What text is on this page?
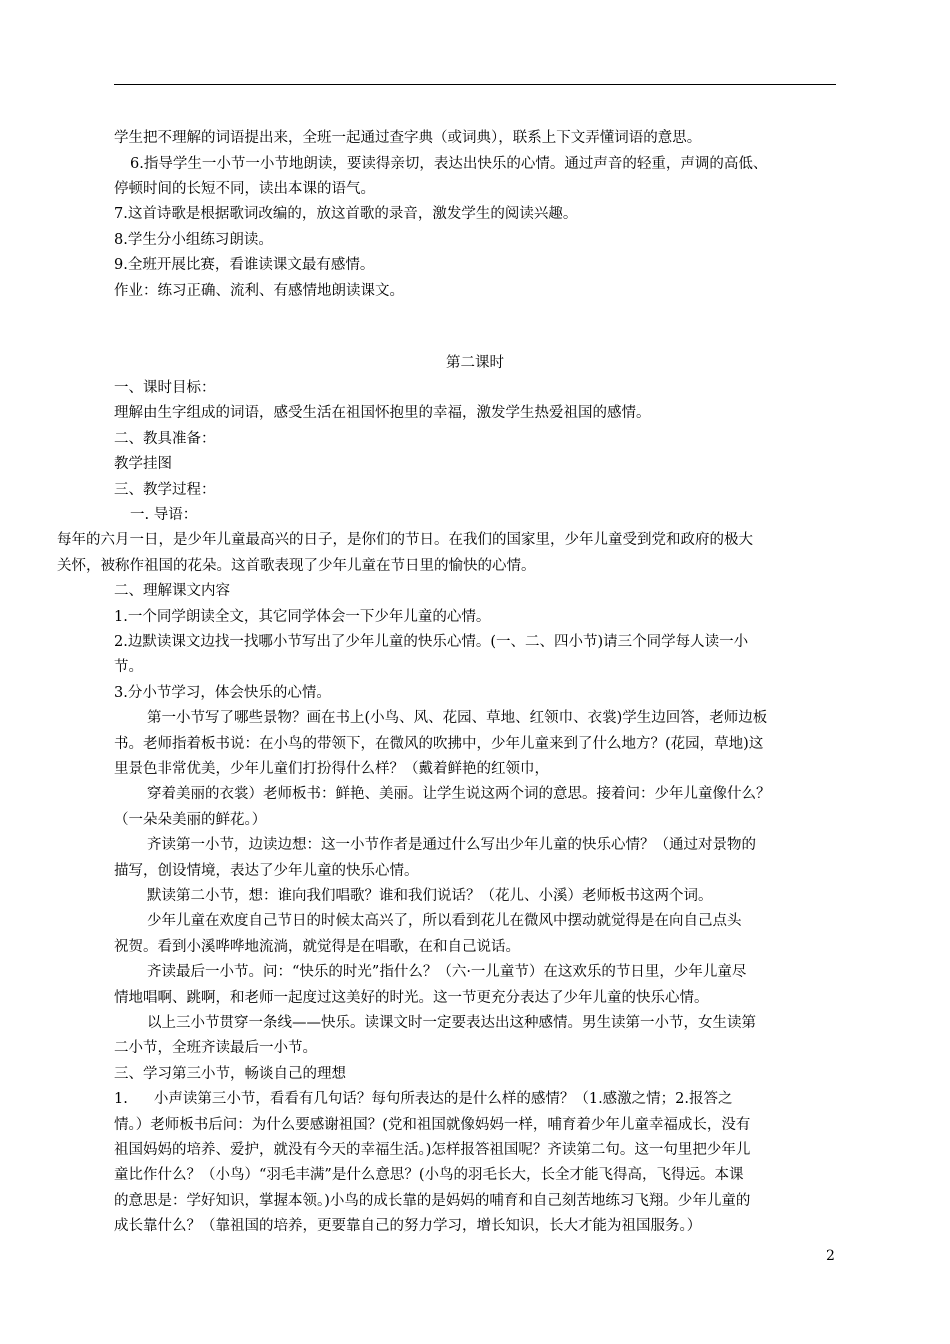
学生把不理解的词语提出来，全班一起通过查字典（或词典），联系上下文弄懂词语的意思。
6.指导学生一小节一小节地朗读，要读得亲切，表达出快乐的心情。通过声音的轻重，声调的高低、
停顿时间的长短不同，读出本课的语气。
7.这首诗歌是根据歌词改编的，放这首歌的录音，激发学生的阅读兴趣。
8.学生分小组练习朗读。
9.全班开展比赛，看谁读课文最有感情。
作业：练习正确、流利、有感情地朗读课文。
第二课时
一、课时目标：
理解由生字组成的词语，感受生活在祖国怀抱里的幸福，激发学生热爱祖国的感情。
二、教具准备：
教学挂图
三、教学过程：
一. 导语：
每年的六月一日，是少年儿童最高兴的日子，是你们的节日。在我们的国家里，少年儿童受到党和政府的极大
关怀，被称作祖国的花朵。这首歌表现了少年儿童在节日里的愉快的心情。
二、理解课文内容
1.一个同学朗读全文，其它同学体会一下少年儿童的心情。
2.边默读课文边找一找哪小节写出了少年儿童的快乐心情。(一、二、四小节)请三个同学每人读一小
节。
3.分小节学习，体会快乐的心情。
第一小节写了哪些景物？画在书上(小鸟、风、花园、草地、红领巾、衣裳)学生边回答，老师边板
书。老师指着板书说：在小鸟的带领下，在微风的吹拂中，少年儿童来到了什么地方？(花园，草地)这
里景色非常优美，少年儿童们打扮得什么样？（戴着鲜艳的红领巾，
穿着美丽的衣裳）老师板书：鲜艳、美丽。让学生说这两个词的意思。接着问：少年儿童像什么？
（一朵朵美丽的鲜花。）
齐读第一小节，边读边想：这一小节作者是通过什么写出少年儿童的快乐心情？（通过对景物的
描写，创设情境，表达了少年儿童的快乐心情。
默读第二小节，想：谁向我们唱歌？谁和我们说话？（花儿、小溪）老师板书这两个词。
少年儿童在欢度自己节日的时候太高兴了，所以看到花儿在微风中摆动就觉得是在向自己点头
祝贺。看到小溪哗哗地流淌，就觉得是在唱歌，在和自己说话。
齐读最后一小节。问：“快乐的时光”指什么？（六·一儿童节）在这欢乐的节日里，少年儿童尽
情地唱啊、跳啊，和老师一起度过这美好的时光。这一节更充分表达了少年儿童的快乐心情。
以上三小节贯穿一条线——快乐。读课文时一定要表达出这种感情。男生读第一小节，女生读第
二小节，全班齐读最后一小节。
三、学习第三小节，畅谈自己的理想
1. 小声读第三小节，看看有几句话？每句所表达的是什么样的感情？（1.感激之情；2.报答之
情。）老师板书后问：为什么要感谢祖国？(党和祖国就像妈妈一样，哺育着少年儿童幸福成长，没有
祖国妈妈的培养、爱护，就没有今天的幸福生活。)怎样报答祖国呢？齐读第二句。这一句里把少年儿
童比作什么？（小鸟）“羽毛丰满”是什么意思？(小鸟的羽毛长大，长全才能飞得高，飞得远。本课
的意思是：学好知识，掌握本领。)小鸟的成长靠的是妈妈的哺育和自己刻苦地练习飞翔。少年儿童的
成长靠什么？（靠祖国的培养，更要靠自己的努力学习，增长知识，长大才能为祖国服务。）
2
